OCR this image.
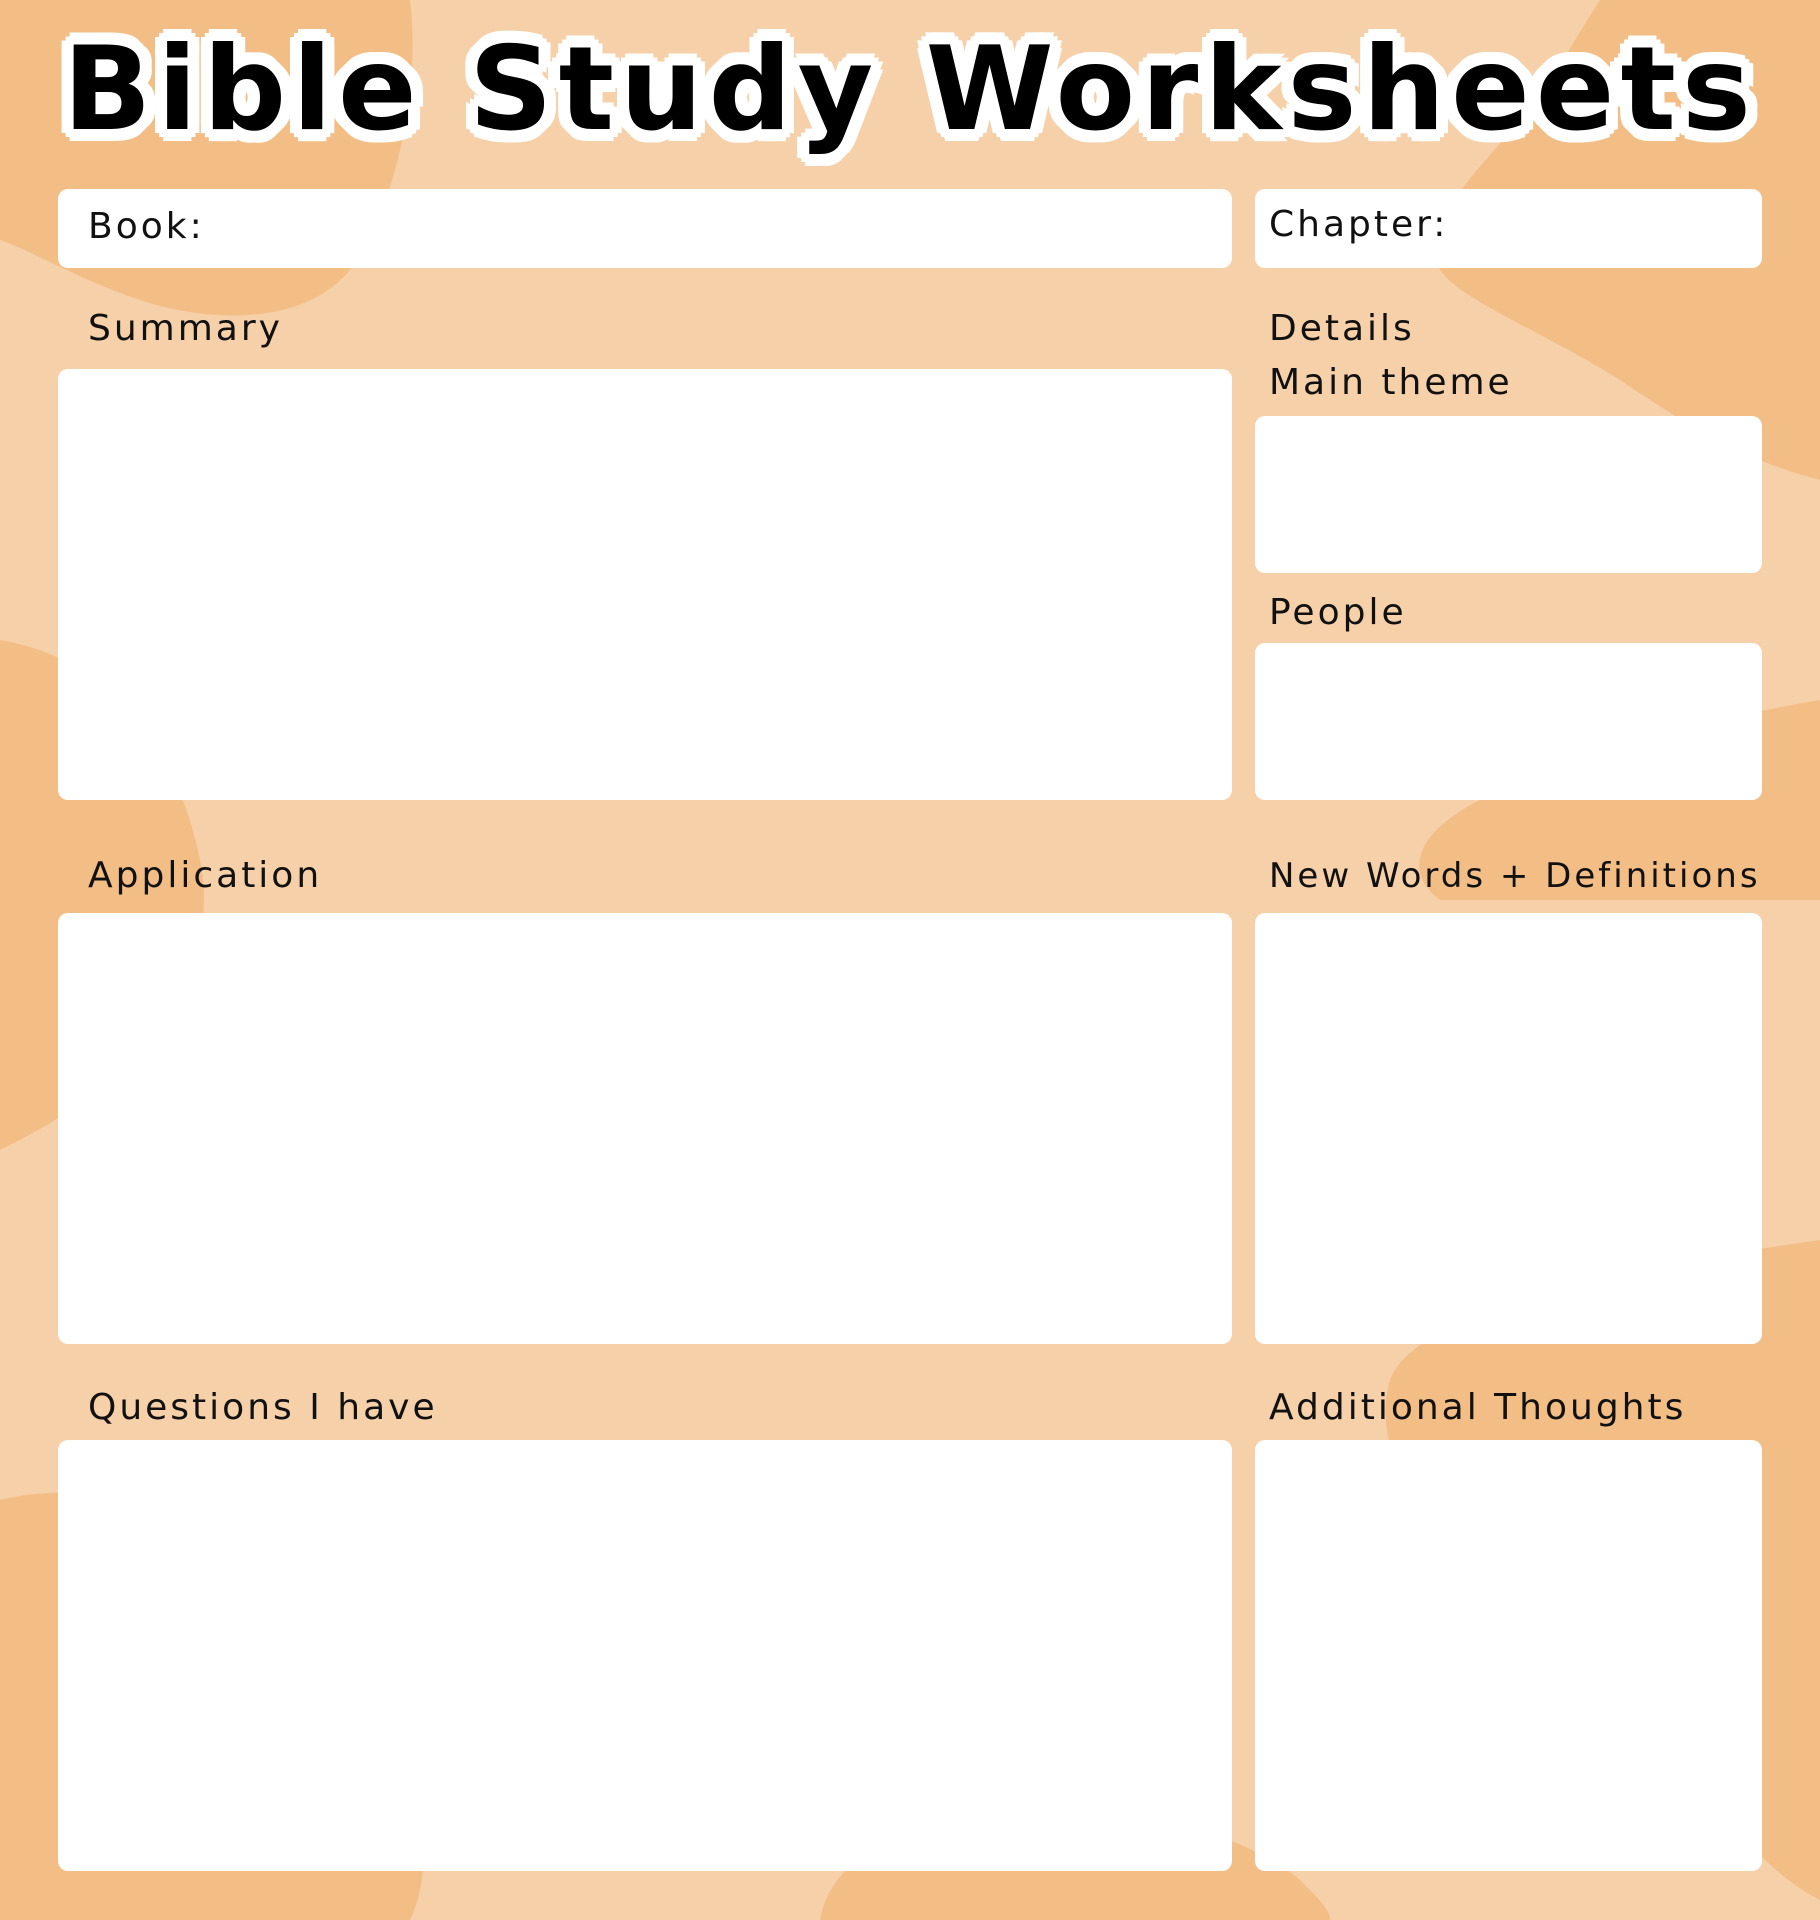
Bible Study Worksheets
Book:	Chapter:
Summary	Details
Main theme
People
Application	New Words + Definitions
Questions I have	Additional Thoughts
